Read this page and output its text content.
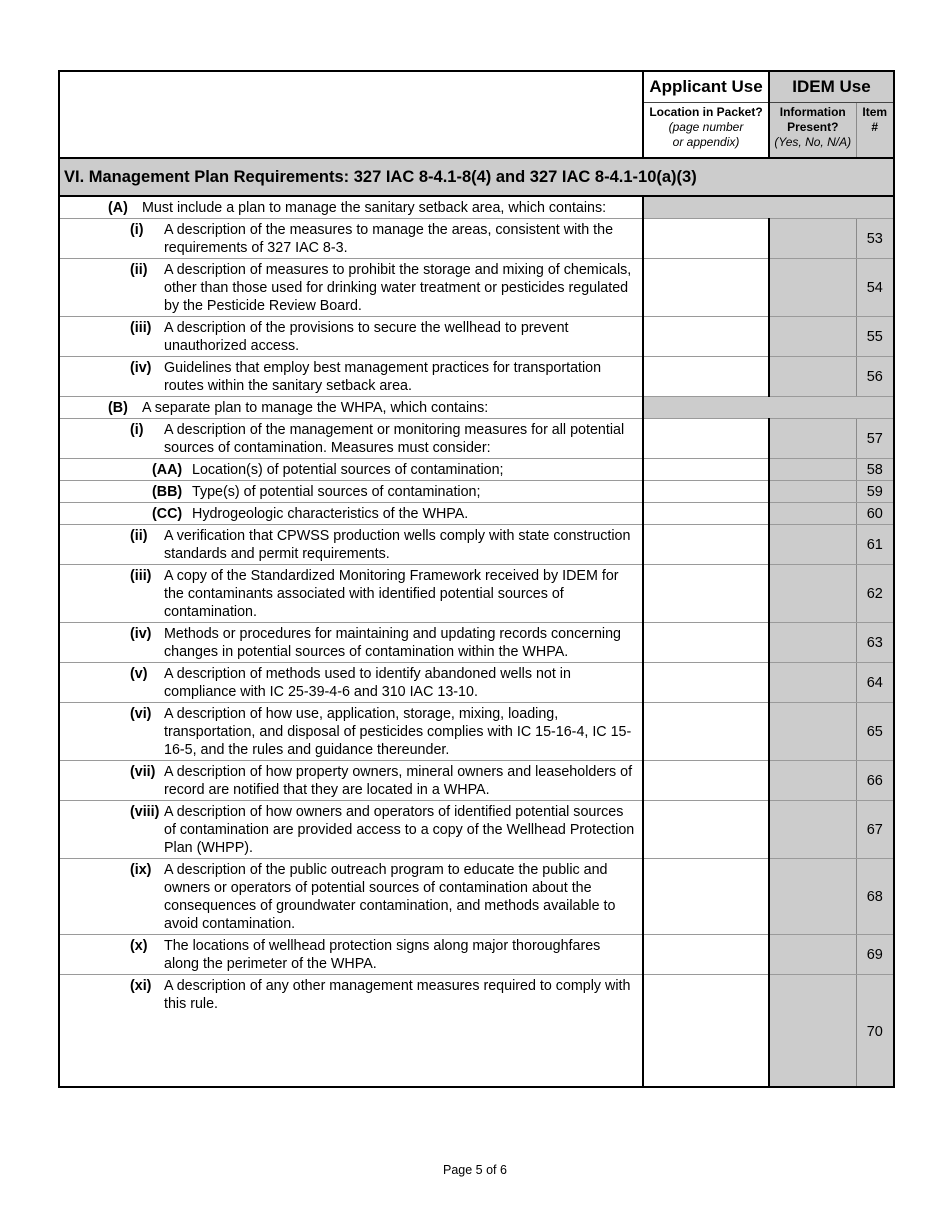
	Applicant Use	IDEM Use	
	Location in Packet?
(page number
or appendix)	Information
Present?
(Yes, No, N/A)	Item
#
VI. Management Plan Requirements: 327 IAC 8-4.1-8(4) and 327 IAC 8-4.1-10(a)(3)			
(A) Must include a plan to manage the sanitary setback area, which contains:			
(i) A description of the measures to manage the areas, consistent with the requirements of 327 IAC 8-3.			53
(ii) A description of measures to prohibit the storage and mixing of chemicals, other than those used for drinking water treatment or pesticides regulated by the Pesticide Review Board.			54
(iii) A description of the provisions to secure the wellhead to prevent unauthorized access.			55
(iv) Guidelines that employ best management practices for transportation routes within the sanitary setback area.			56
(B) A separate plan to manage the WHPA, which contains:			
(i) A description of the management or monitoring measures for all potential sources of contamination. Measures must consider:			57
(AA) Location(s) of potential sources of contamination;			58
(BB) Type(s) of potential sources of contamination;			59
(CC) Hydrogeologic characteristics of the WHPA.			60
(ii) A verification that CPWSS production wells comply with state construction standards and permit requirements.			61
(iii) A copy of the Standardized Monitoring Framework received by IDEM for the contaminants associated with identified potential sources of contamination.			62
(iv) Methods or procedures for maintaining and updating records concerning changes in potential sources of contamination within the WHPA.			63
(v) A description of methods used to identify abandoned wells not in compliance with IC 25-39-4-6 and 310 IAC 13-10.			64
(vi) A description of how use, application, storage, mixing, loading, transportation, and disposal of pesticides complies with IC 15-16-4, IC 15-16-5, and the rules and guidance thereunder.			65
(vii) A description of how property owners, mineral owners and leaseholders of record are notified that they are located in a WHPA.			66
(viii) A description of how owners and operators of identified potential sources of contamination are provided access to a copy of the Wellhead Protection Plan (WHPP).			67
(ix) A description of the public outreach program to educate the public and owners or operators of potential sources of contamination about the consequences of groundwater contamination, and methods available to avoid contamination.			68
(x) The locations of wellhead protection signs along major thoroughfares along the perimeter of the WHPA.			69
(xi) A description of any other management measures required to comply with this rule.			70
Page 5 of 6
